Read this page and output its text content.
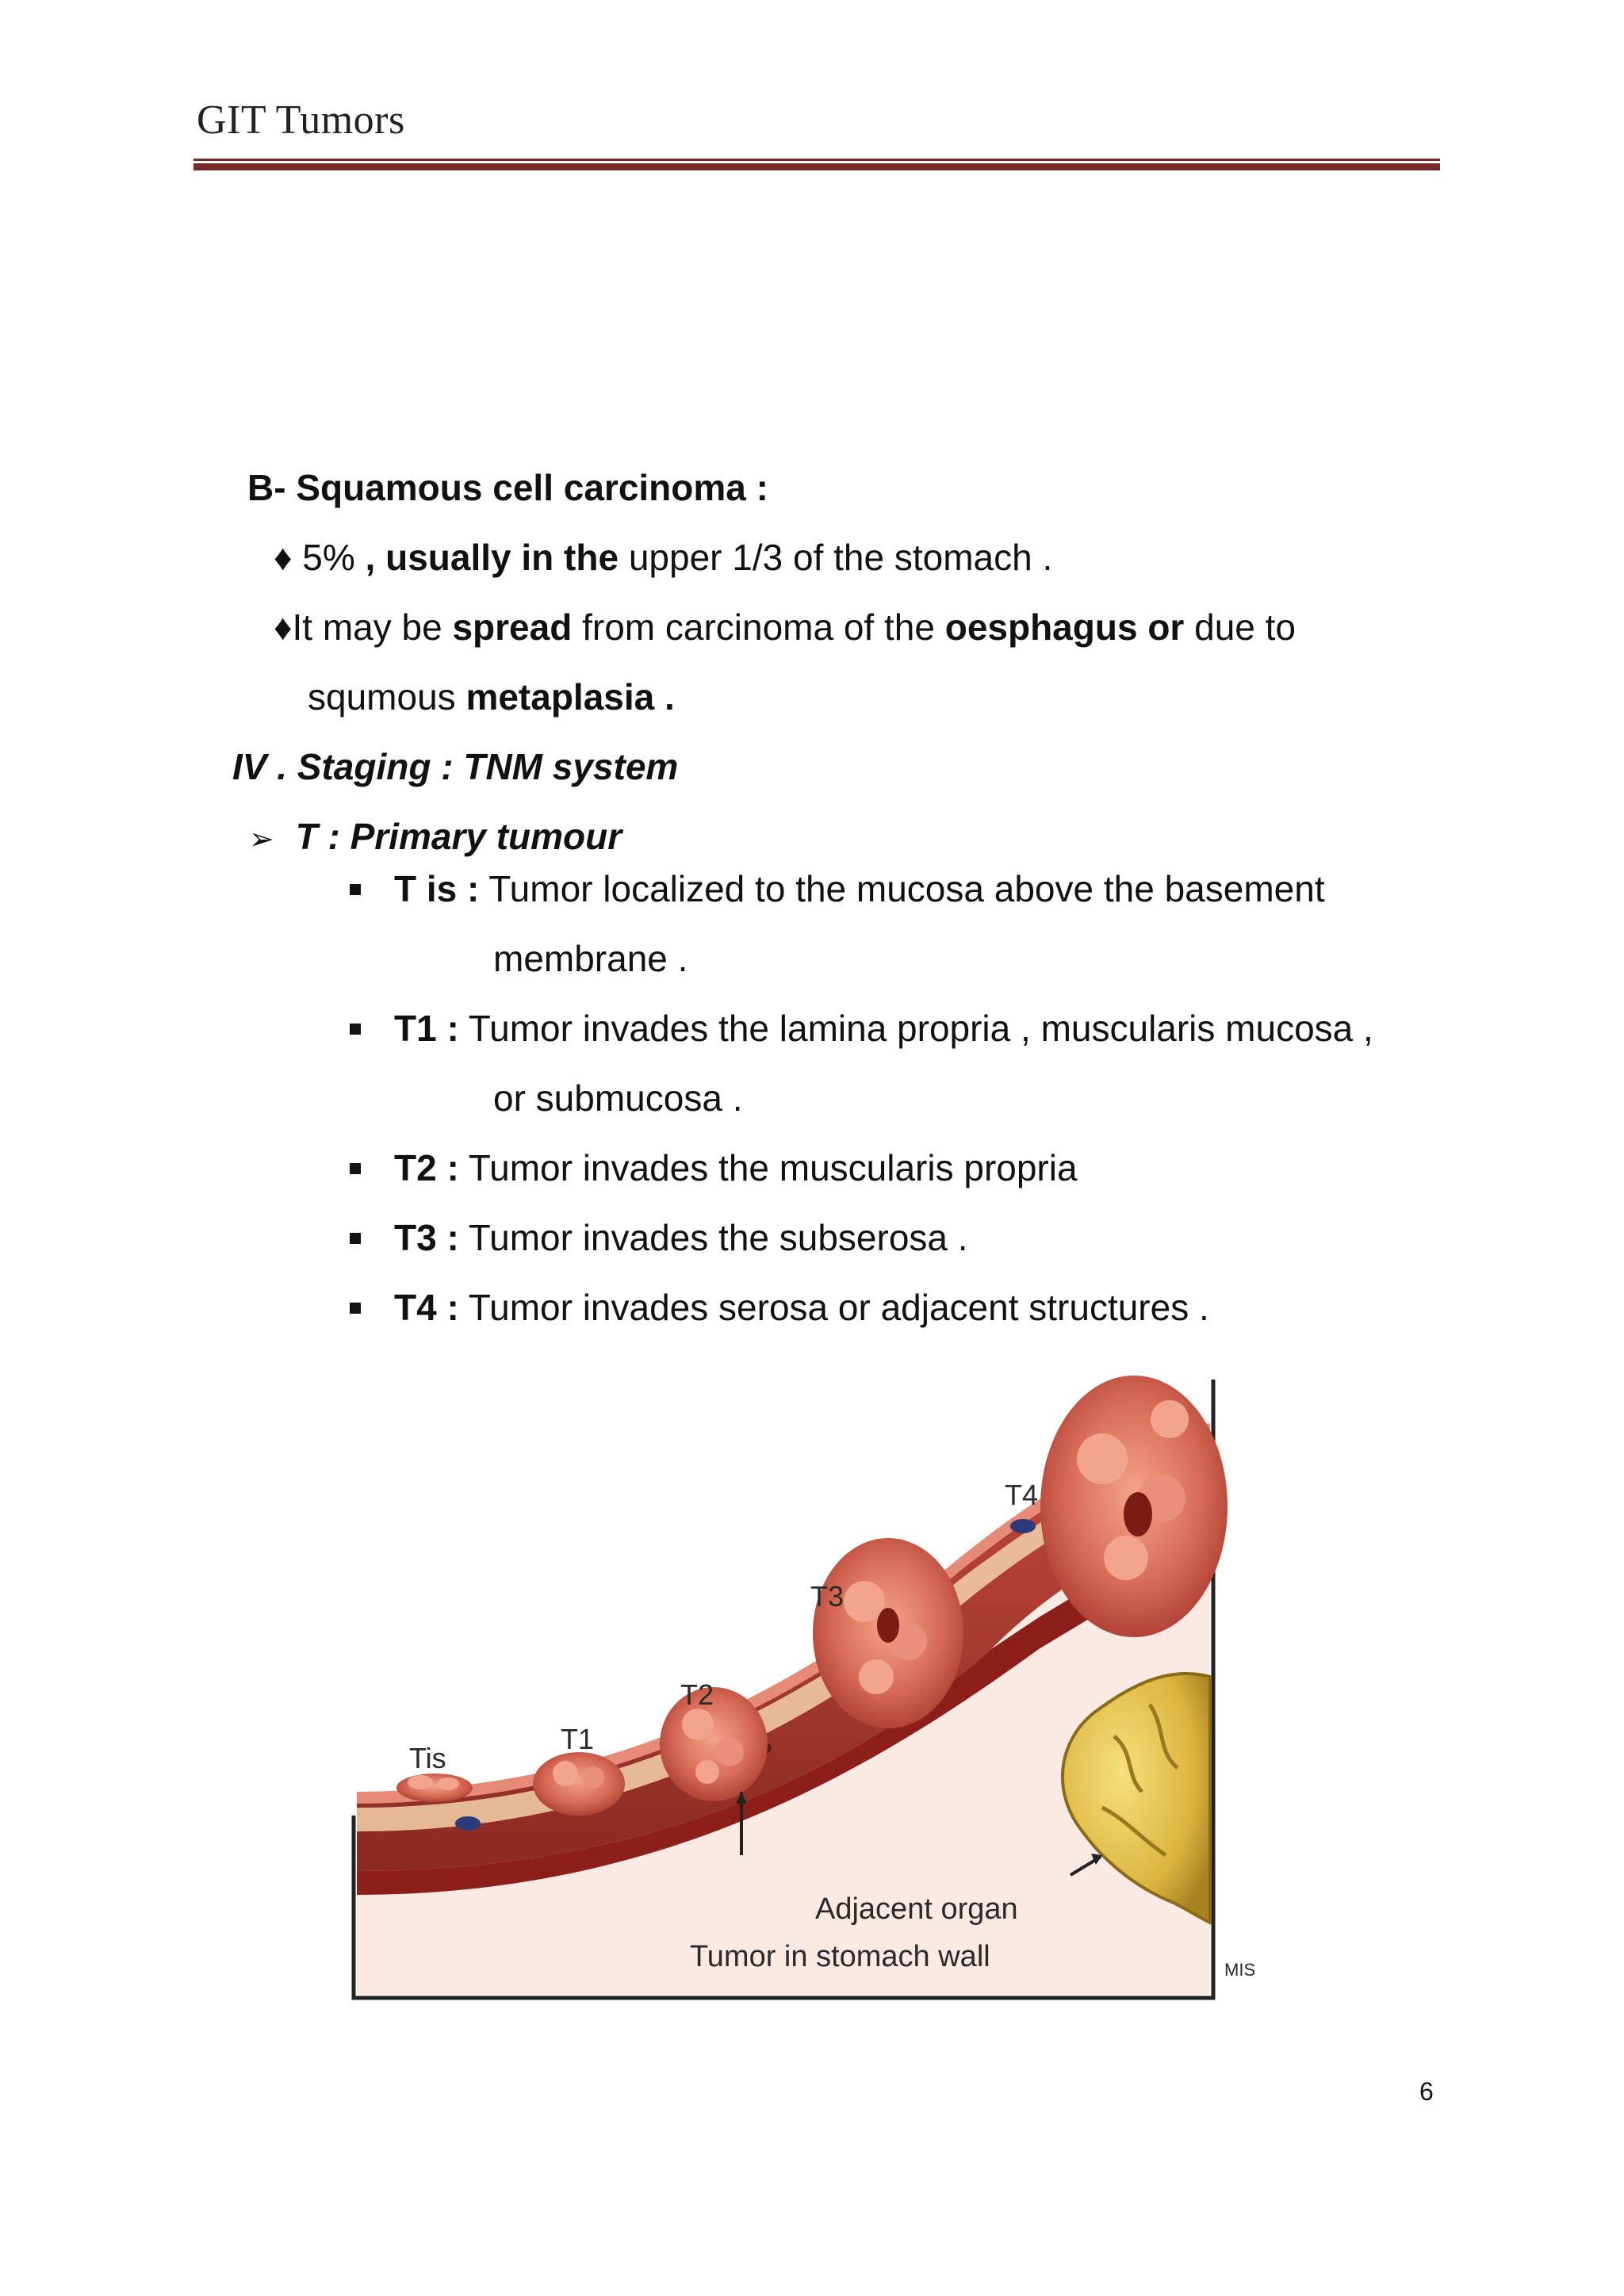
GIT Tumors
B- Squamous cell carcinoma :
♦ 5% , usually in the upper 1/3 of the stomach .
♦It may be spread from carcinoma of the oesphagus or due to
squmous metaplasia .
IV . Staging : TNM system
➢ T : Primary tumour
T is : Tumor localized to the mucosa above the basement
membrane .
T1 : Tumor invades the lamina propria , muscularis mucosa ,
or submucosa .
T2 : Tumor invades the muscularis propria
T3 : Tumor invades the subserosa .
T4 : Tumor invades serosa or adjacent structures .
Tis
T1
T2
T3
T4
Adjacent organ
Tumor in stomach wall	MIS
6
